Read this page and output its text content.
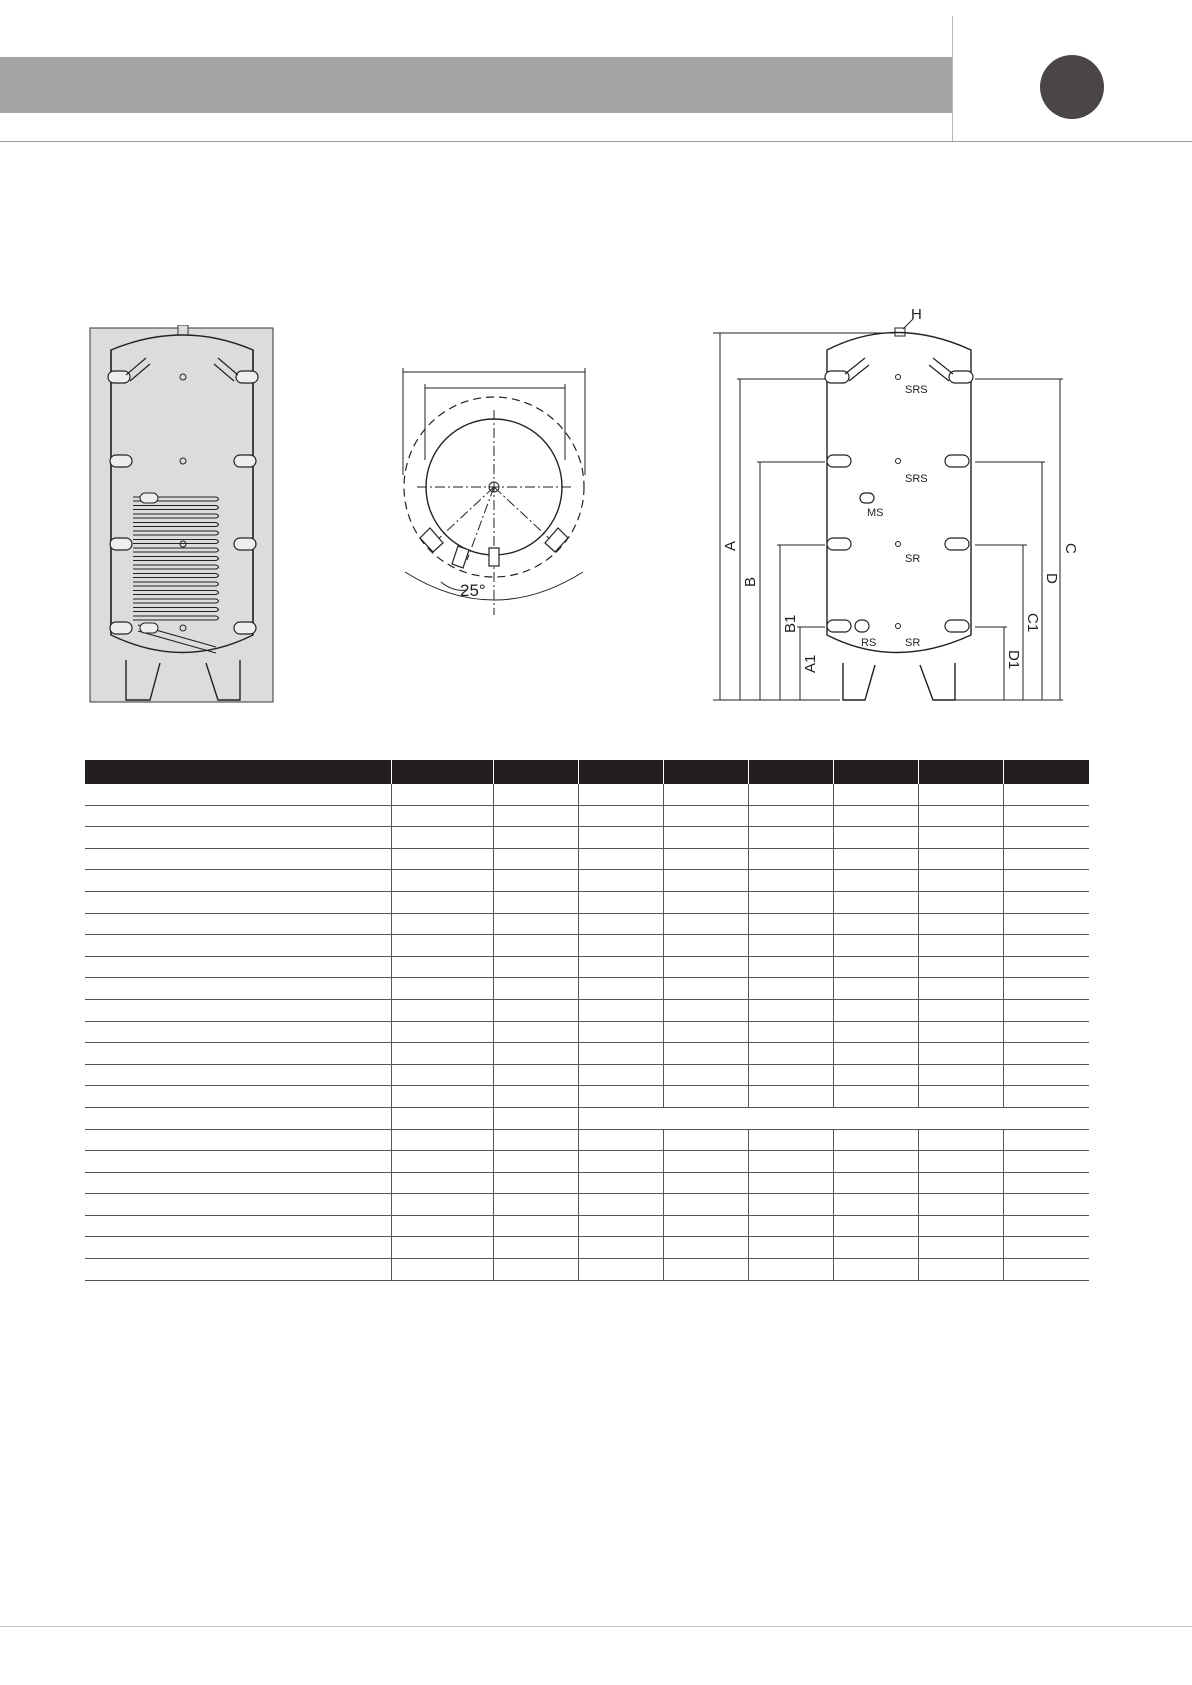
25°
SRS
SRS
MS
SR
RS	SR
H
A
B
B1
A1
C
D
C1
D1
